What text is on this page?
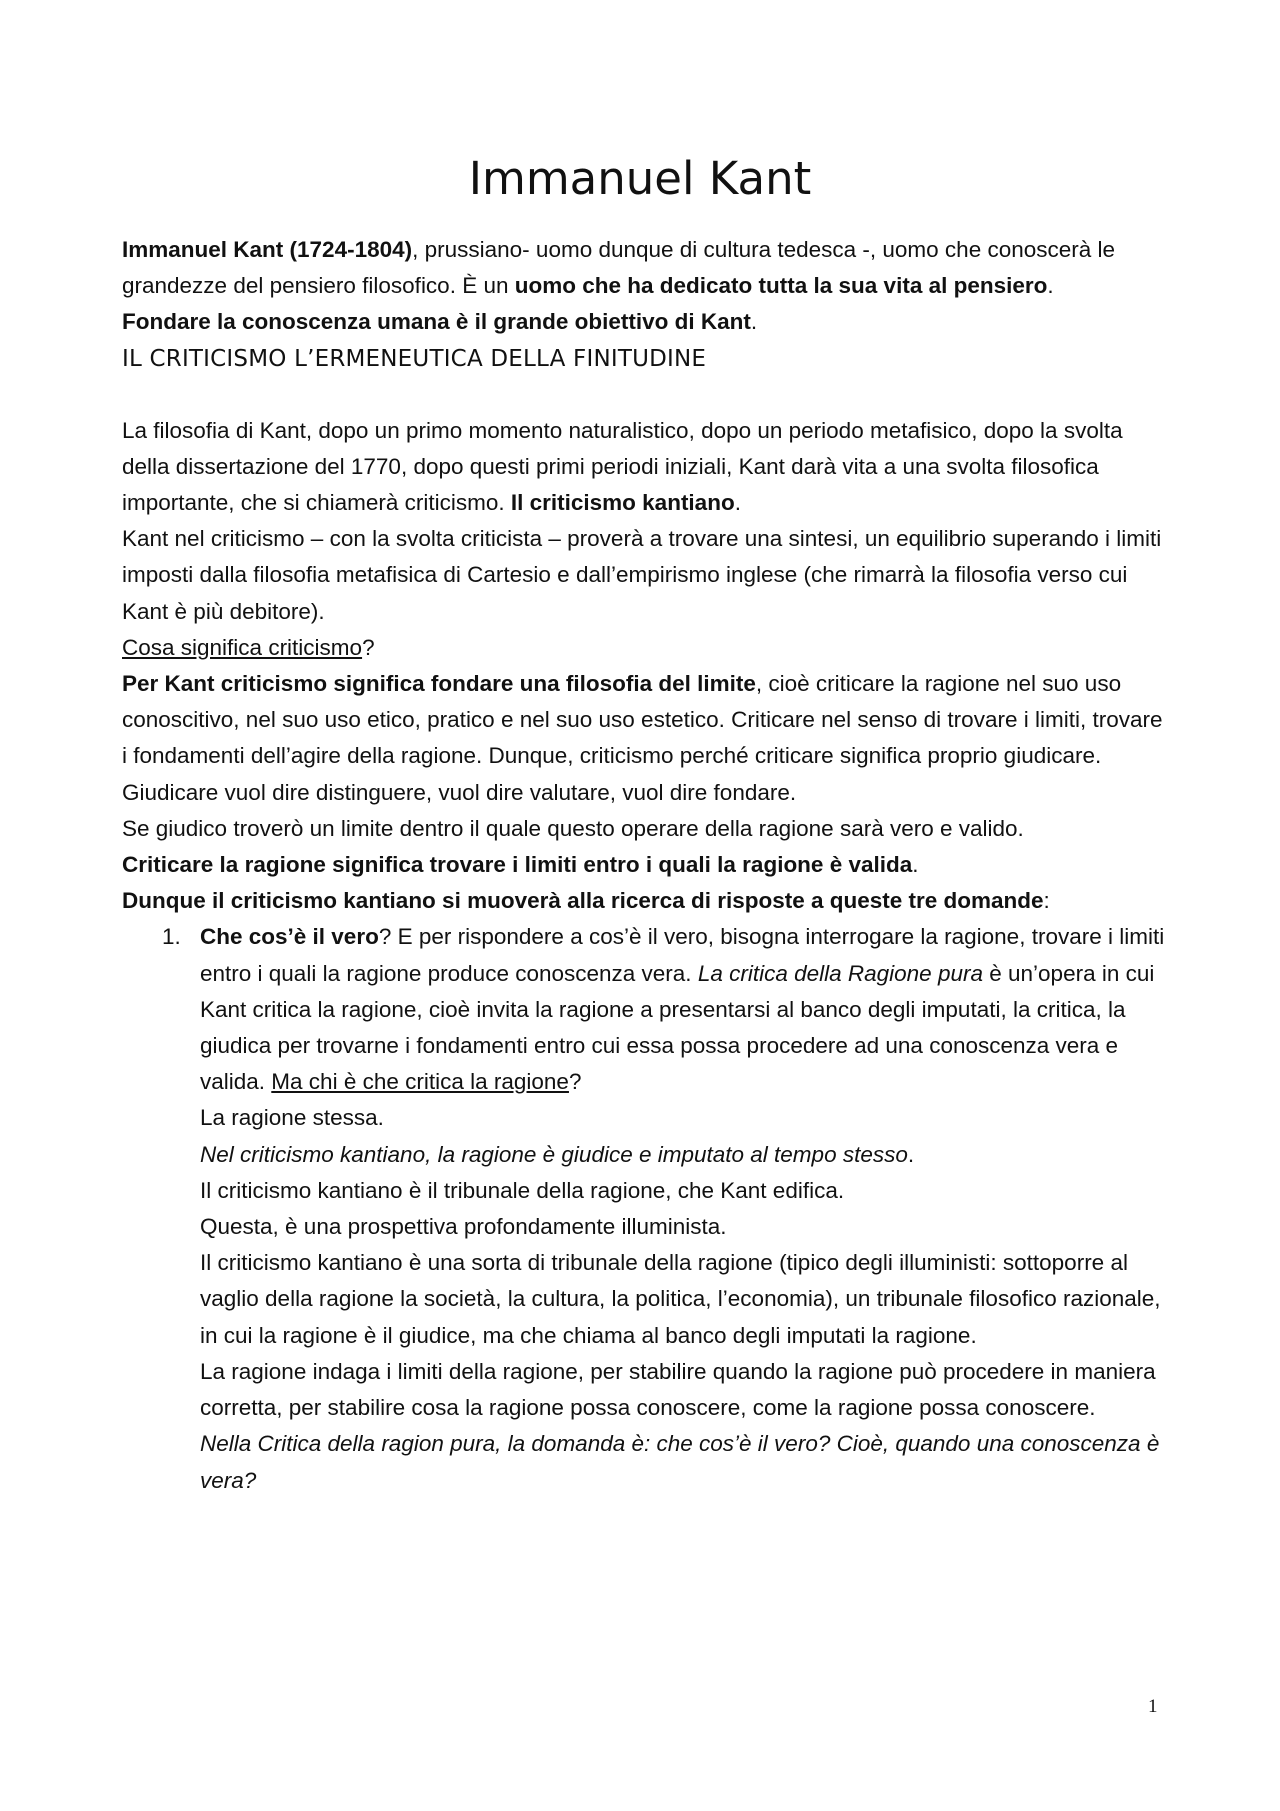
Immanuel Kant

Immanuel Kant (1724-1804), prussiano- uomo dunque di cultura tedesca -, uomo che conoscerà le grandezze del pensiero filosofico. È un uomo che ha dedicato tutta la sua vita al pensiero.
Fondare la conoscenza umana è il grande obiettivo di Kant.

IL CRITICISMO L’ERMENEUTICA DELLA FINITUDINE

La filosofia di Kant, dopo un primo momento naturalistico, dopo un periodo metafisico, dopo la svolta della dissertazione del 1770, dopo questi primi periodi iniziali, Kant darà vita a una svolta filosofica importante, che si chiamerà criticismo. Il criticismo kantiano.

Kant nel criticismo – con la svolta criticista – proverà a trovare una sintesi, un equilibrio superando i limiti imposti dalla filosofia metafisica di Cartesio e dall’empirismo inglese (che rimarrà la filosofia verso cui Kant è più debitore).

Cosa significa criticismo?

Per Kant criticismo significa fondare una filosofia del limite, cioè criticare la ragione nel suo uso conoscitivo, nel suo uso etico, pratico e nel suo uso estetico. Criticare nel senso di trovare i limiti, trovare i fondamenti dell’agire della ragione. Dunque, criticismo perché criticare significa proprio giudicare.

Giudicare vuol dire distinguere, vuol dire valutare, vuol dire fondare.

Se giudico troverò un limite dentro il quale questo operare della ragione sarà vero e valido.

Criticare la ragione significa trovare i limiti entro i quali la ragione è valida.

Dunque il criticismo kantiano si muoverà alla ricerca di risposte a queste tre domande:

1. Che cos’è il vero? E per rispondere a cos’è il vero, bisogna interrogare la ragione, trovare i limiti entro i quali la ragione produce conoscenza vera. La critica della Ragione pura è un’opera in cui Kant critica la ragione, cioè invita la ragione a presentarsi al banco degli imputati, la critica, la giudica per trovarne i fondamenti entro cui essa possa procedere ad una conoscenza vera e valida. Ma chi è che critica la ragione?

La ragione stessa.

Nel criticismo kantiano, la ragione è giudice e imputato al tempo stesso.

Il criticismo kantiano è il tribunale della ragione, che Kant edifica.

Questa, è una prospettiva profondamente illuminista.

Il criticismo kantiano è una sorta di tribunale della ragione (tipico degli illuministi: sottoporre al vaglio della ragione la società, la cultura, la politica, l’economia), un tribunale filosofico razionale, in cui la ragione è il giudice, ma che chiama al banco degli imputati la ragione.

La ragione indaga i limiti della ragione, per stabilire quando la ragione può procedere in maniera corretta, per stabilire cosa la ragione possa conoscere, come la ragione possa conoscere.

Nella Critica della ragion pura, la domanda è: che cos’è il vero? Cioè, quando una conoscenza è vera?

1
